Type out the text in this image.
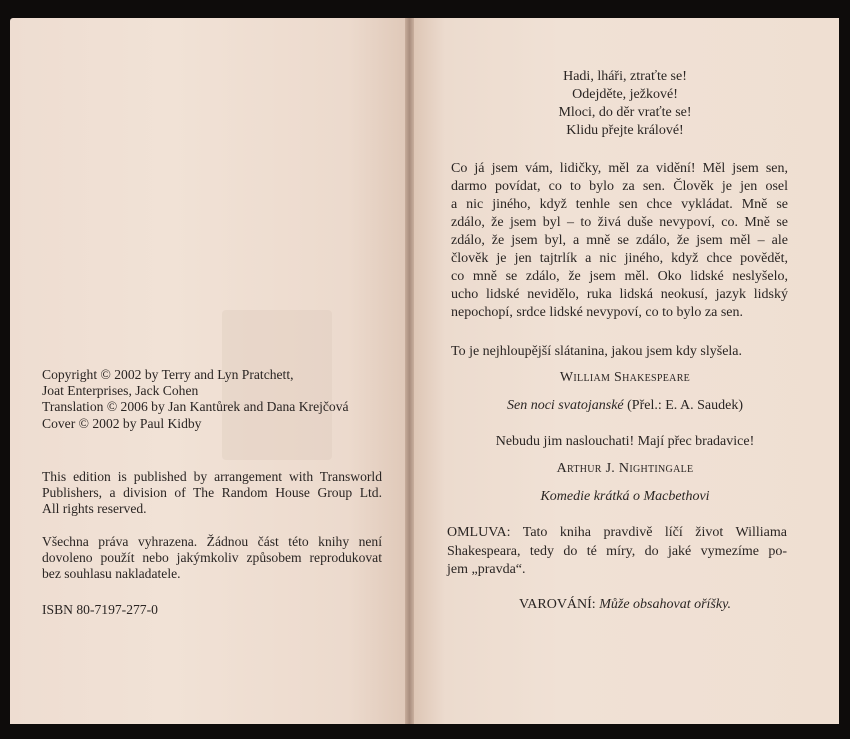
Copyright © 2002 by Terry and Lyn Pratchett,
Joat Enterprises, Jack Cohen
Translation © 2006 by Jan Kantůrek and Dana Krejčová
Cover © 2002 by Paul Kidby
This edition is published by arrangement with Transworld
Publishers, a division of The Random House Group Ltd.
All rights reserved.
Všechna práva vyhrazena. Žádnou část této knihy není
dovoleno použít nebo jakýmkoliv způsobem reprodukovat
bez souhlasu nakladatele.
ISBN 80-7197-277-0
Hadi, lháři, ztraťte se!
Odejděte, ježkové!
Mloci, do děr vraťte se!
Klidu přejte králové!
Co já jsem vám, lidičky, měl za vidění! Měl jsem sen,
darmo povídat, co to bylo za sen. Člověk je jen osel
a nic jiného, když tenhle sen chce vykládat. Mně se
zdálo, že jsem byl – to živá duše nevypoví, co. Mně se
zdálo, že jsem byl, a mně se zdálo, že jsem měl – ale
člověk je jen tajtrlík a nic jiného, když chce povědět,
co mně se zdálo, že jsem měl. Oko lidské neslyšelo,
ucho lidské nevidělo, ruka lidská neokusí, jazyk lidský
nepochopí, srdce lidské nevypoví, co to bylo za sen.
To je nejhloupější slátanina, jakou jsem kdy slyšela.
William Shakespeare
Sen noci svatojanské (Přel.: E. A. Saudek)
Nebudu jim naslouchati! Mají přec bradavice!
Arthur J. Nightingale
Komedie krátká o Macbethovi
OMLUVA: Tato kniha pravdivě líčí život Williama
Shakespeara, tedy do té míry, do jaké vymezíme po-
jem „pravda“.
VAROVÁNÍ: Může obsahovat oříšky.
